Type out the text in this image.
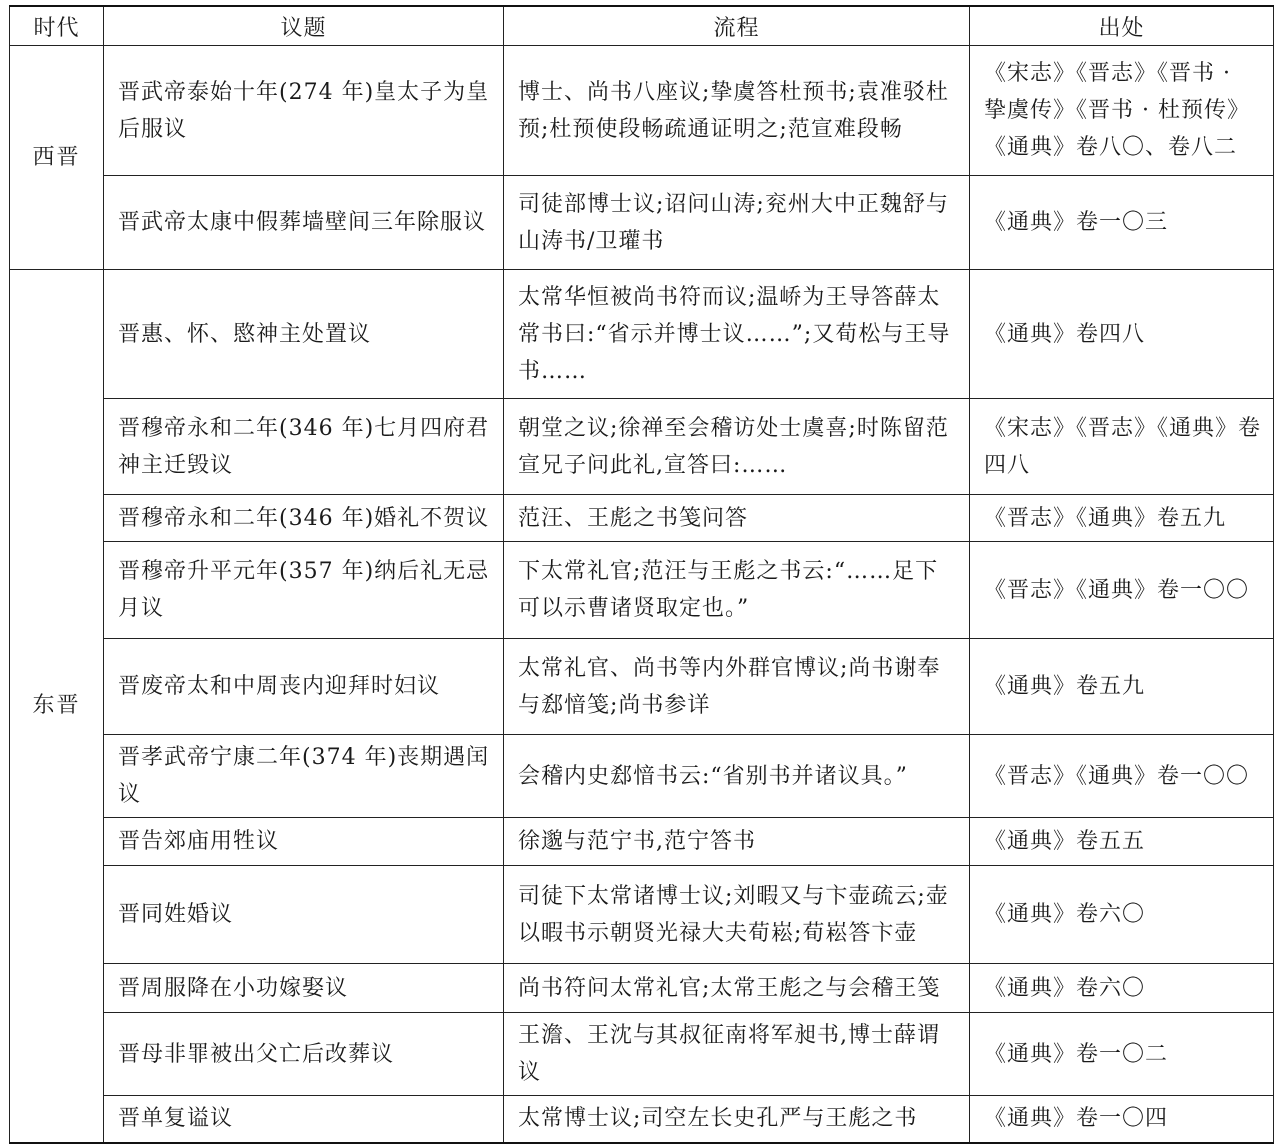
时代	议题	流程	出处
西晋	晋武帝泰始十年(274 年)皇太子为皇后服议	博士、尚书八座议;挚虞答杜预书;袁准驳杜预;杜预使段畅疏通证明之;范宣难段畅	《宋志》《晋志》《晋书 · 挚虞传》《晋书 · 杜预传》《通典》卷八〇、卷八二
	晋武帝太康中假葬墙壁间三年除服议	司徒部博士议;诏问山涛;兖州大中正魏舒与山涛书/卫瓘书	《通典》卷一〇三
东晋	晋惠、怀、愍神主处置议	太常华恒被尚书符而议;温峤为王导答薛太常书曰:“省示并博士议……”;又荀松与王导书……	《通典》卷四八
	晋穆帝永和二年(346 年)七月四府君神主迁毁议	朝堂之议;徐禅至会稽访处士虞喜;时陈留范宣兄子问此礼,宣答曰:……	《宋志》《晋志》《通典》卷四八
	晋穆帝永和二年(346 年)婚礼不贺议	范汪、王彪之书笺问答	《晋志》《通典》卷五九
	晋穆帝升平元年(357 年)纳后礼无忌月议	下太常礼官;范汪与王彪之书云:“……足下可以示曹诸贤取定也。”	《晋志》《通典》卷一〇〇
	晋废帝太和中周丧内迎拜时妇议	太常礼官、尚书等内外群官博议;尚书谢奉与郄愔笺;尚书参详	《通典》卷五九
	晋孝武帝宁康二年(374 年)丧期遇闰议	会稽内史郄愔书云:“省别书并诸议具。”	《晋志》《通典》卷一〇〇
	晋告郊庙用牲议	徐邈与范宁书,范宁答书	《通典》卷五五
	晋同姓婚议	司徒下太常诸博士议;刘暇又与卞壶疏云;壶以暇书示朝贤光禄大夫荀崧;荀崧答卞壶	《通典》卷六〇
	晋周服降在小功嫁娶议	尚书符问太常礼官;太常王彪之与会稽王笺	《通典》卷六〇
	晋母非罪被出父亡后改葬议	王澹、王沈与其叔征南将军昶书,博士薛谓议	《通典》卷一〇二
	晋单复谥议	太常博士议;司空左长史孔严与王彪之书	《通典》卷一〇四
